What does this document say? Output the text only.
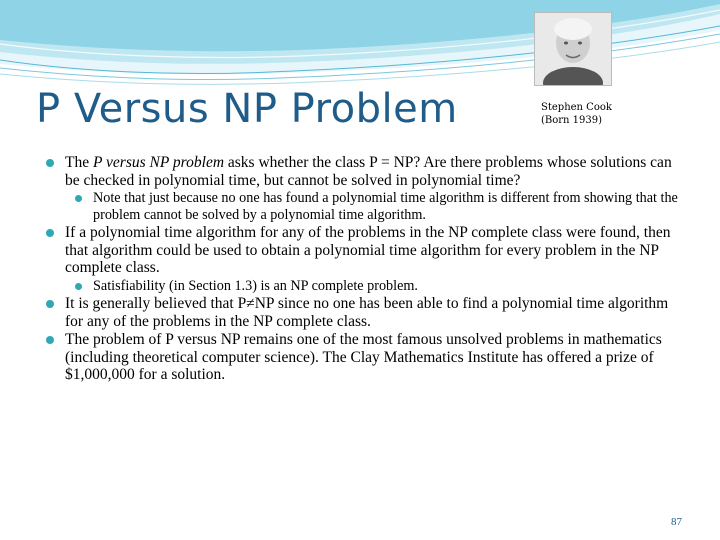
P Versus NP Problem	Stephen Cook
(Born 1939)
The P versus NP problem asks whether the class P = NP? Are there problems whose solutions can be checked in polynomial time, but cannot be solved in polynomial time?
Note that just because no one has found a polynomial time algorithm is different from showing that the problem cannot be solved by a polynomial time algorithm.
If a polynomial time algorithm for any of the problems in the NP complete class were found, then that algorithm could be used to obtain a polynomial time algorithm for every problem in the NP complete class.
Satisfiability (in Section 1.3) is an NP complete problem.
It is generally believed that P≠NP since no one has been able to find a polynomial time algorithm for any of the problems in the NP complete class.
The problem of P versus NP remains one of the most famous unsolved problems in mathematics (including theoretical computer science). The Clay Mathematics Institute has offered a prize of $1,000,000 for a solution.
87
